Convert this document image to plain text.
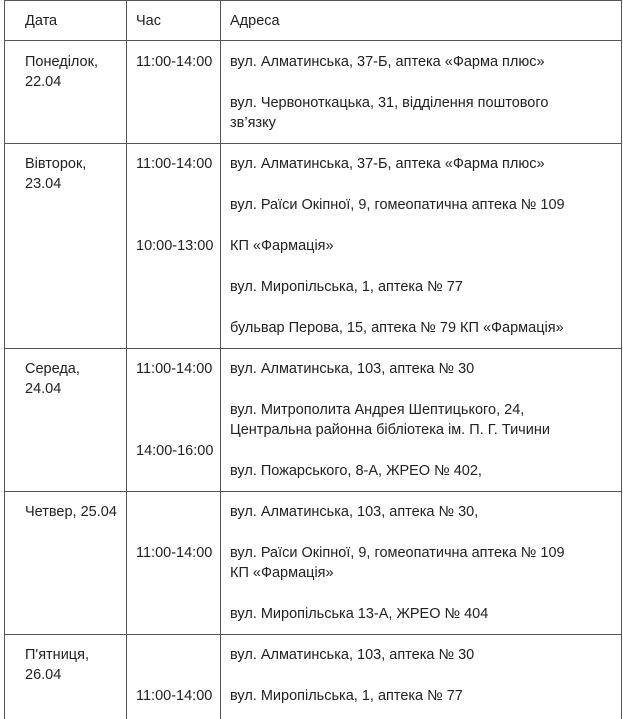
Дата	Час	Адреса
Понеділок,
22.04
11:00-14:00 вул. Алматинська, 37-Б, аптека «Фарма плюс»
вул. Червоноткацька, 31, відділення поштового
зв’язку
Вівторок,
23.04
11:00-14:00
10:00-13:00
вул. Алматинська, 37-Б, аптека «Фарма плюс»
вул. Раїси Окіпної, 9, гомеопатична аптека № 109
КП «Фармація»
вул. Миропільська, 1, аптека № 77
бульвар Перова, 15, аптека № 79 КП «Фармація»
Середа,
24.04
11:00-14:00
14:00-16:00
вул. Алматинська, 103, аптека № 30
вул. Митрополита Андрея Шептицького, 24,
Центральна районна бібліотека ім. П. Г. Тичини
вул. Пожарського, 8-А, ЖРЕО № 402,
Четвер, 25.04
11:00-14:00
вул. Алматинська, 103, аптека № 30,
вул. Раїси Окіпної, 9, гомеопатична аптека № 109
КП «Фармація»
вул. Миропільська 13-А, ЖРЕО № 404
П'ятниця,
26.04
11:00-14:00
вул. Алматинська, 103, аптека № 30
вул. Миропільська, 1, аптека № 77
